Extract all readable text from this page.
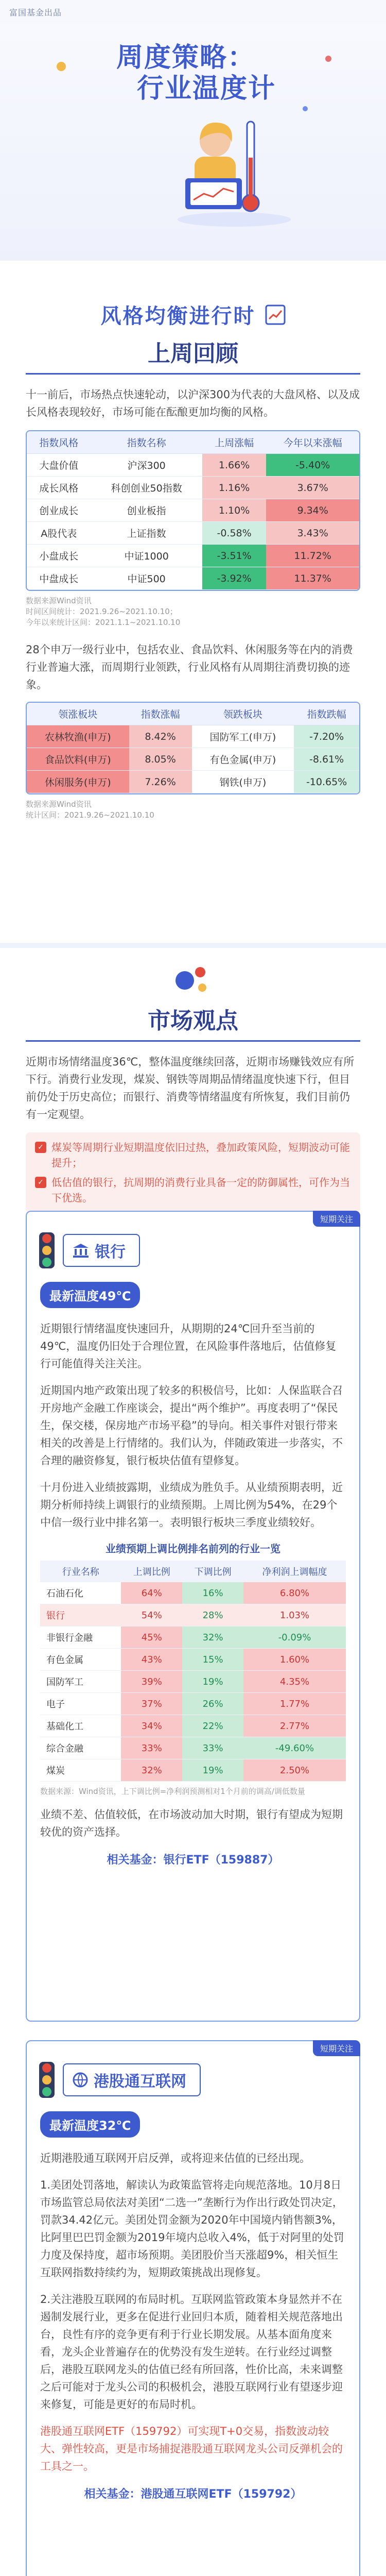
富国基金出品
周度策略：
行业温度计
风格均衡进行时
上周回顾

十一前后，市场热点快速轮动，以沪深300为代表的大盘风格、以及成长风格表现较好，市场可能在酝酿更加均衡的风格。

指数风格	指数名称	上周涨幅	今年以来涨幅
大盘价值	沪深300	1.66%	-5.40%
成长风格	科创创业50指数	1.16%	3.67%
创业成长	创业板指	1.10%	9.34%
A股代表	上证指数	-0.58%	3.43%
小盘成长	中证1000	-3.51%	11.72%
中盘成长	中证500	-3.92%	11.37%
数据来源Wind资讯
时间区间统计：2021.9.26~2021.10.10；
今年以来统计区间：2021.1.1~2021.10.10

28个申万一级行业中，包括农业、食品饮料、休闲服务等在内的消费行业普遍大涨，而周期行业领跌，行业风格有从周期往消费切换的迹象。

领涨板块	指数涨幅	领跌板块	指数跌幅
农林牧渔(申万)	8.42%	国防军工(申万)	-7.20%
食品饮料(申万)	8.05%	有色金属(申万)	-8.61%
休闲服务(申万)	7.26%	钢铁(申万)	-10.65%
数据来源Wind资讯
统计区间：2021.9.26~2021.10.10
市场观点

近期市场情绪温度36℃，整体温度继续回落，近期市场赚钱效应有所下行。消费行业发现，煤炭、钢铁等周期品情绪温度快速下行，但目前仍处于历史高位；而银行、消费等情绪温度有所恢复，我们目前仍有一定观望。

✓ 煤炭等周期行业短期温度依旧过热，叠加政策风险，短期波动可能提升；
✓ 低估值的银行，抗周期的消费行业具备一定的防御属性，可作为当下优选。
短期关注
银行
最新温度49℃

近期银行情绪温度快速回升，从期期的24℃回升至当前的49℃，温度仍旧处于合理位置，在风险事件落地后，估值修复行可能值得关注关注。

近期国内地产政策出现了较多的积极信号，比如：人保监联合召开房地产金融工作座谈会，提出“两个维护”。再度表明了“保民生，保交楼，保房地产市场平稳”的导向。相关事件对银行带来相关的改善是上行情绪的。我们认为，伴随政策进一步落实，不合理的融资修复，银行板块估值有望修复。

十月份进入业绩披露期，业绩成为胜负手。从业绩预期表明，近期分析师持续上调银行的业绩预期。上周比例为54%，在29个中信一级行业中排名第一。表明银行板块三季度业绩较好。

业绩预期上调比例排名前列的行业一览
行业名称	上调比例	下调比例	净利润上调幅度
石油石化	64%	16%	6.80%
银行	54%	28%	1.03%
非银行金融	45%	32%	-0.09%
有色金属	43%	15%	1.60%
国防军工	39%	19%	4.35%
电子	37%	26%	1.77%
基础化工	34%	22%	2.77%
综合金融	33%	33%	-49.60%
煤炭	32%	19%	2.50%
数据来源：Wind资讯，上下调比例=净利润预测相对1个月前的调高/调低数量

业绩不差、估值较低，在市场波动加大时期，银行有望成为短期较优的资产选择。

相关基金：银行ETF（159887）
短期关注
港股通互联网
最新温度32℃

近期港股通互联网开启反弹，或将迎来估值的已经出现。

1.美团处罚落地，解读认为政策监管将走向规范落地。10月8日市场监管总局依法对美团“二选一”垄断行为作出行政处罚决定，罚款34.42亿元。美团处罚金额为2020年中国境内销售额3%，比阿里巴巴罚金额为2019年境内总收入4%，低于对阿里的处罚力度及保持度，超市场预期。美团股价当天涨超9%，相关恒生互联网指数持续约为，短期政策挑战出现修复。

2.关注港股互联网的布局时机。互联网监管政策本身显然并不在遏制发展行业，更多在促进行业回归本质，随着相关规范落地出台，良性有序的竞争更有利于行业长期发展。从基本面角度来看，龙头企业普遍存在的优势没有发生逆转。在行业经过调整后，港股互联网龙头的估值已经有所回落，性价比高，未来调整之后可能对于龙头公司的积极机会，港股互联网行业有望逐步迎来修复，可能是更好的布局时机。

港股通互联网ETF（159792）可实现T+0交易，指数波动较大、弹性较高，更是市场捕捉港股通互联网龙头公司反弹机会的工具之一。

相关基金：港股通互联网ETF（159792）
